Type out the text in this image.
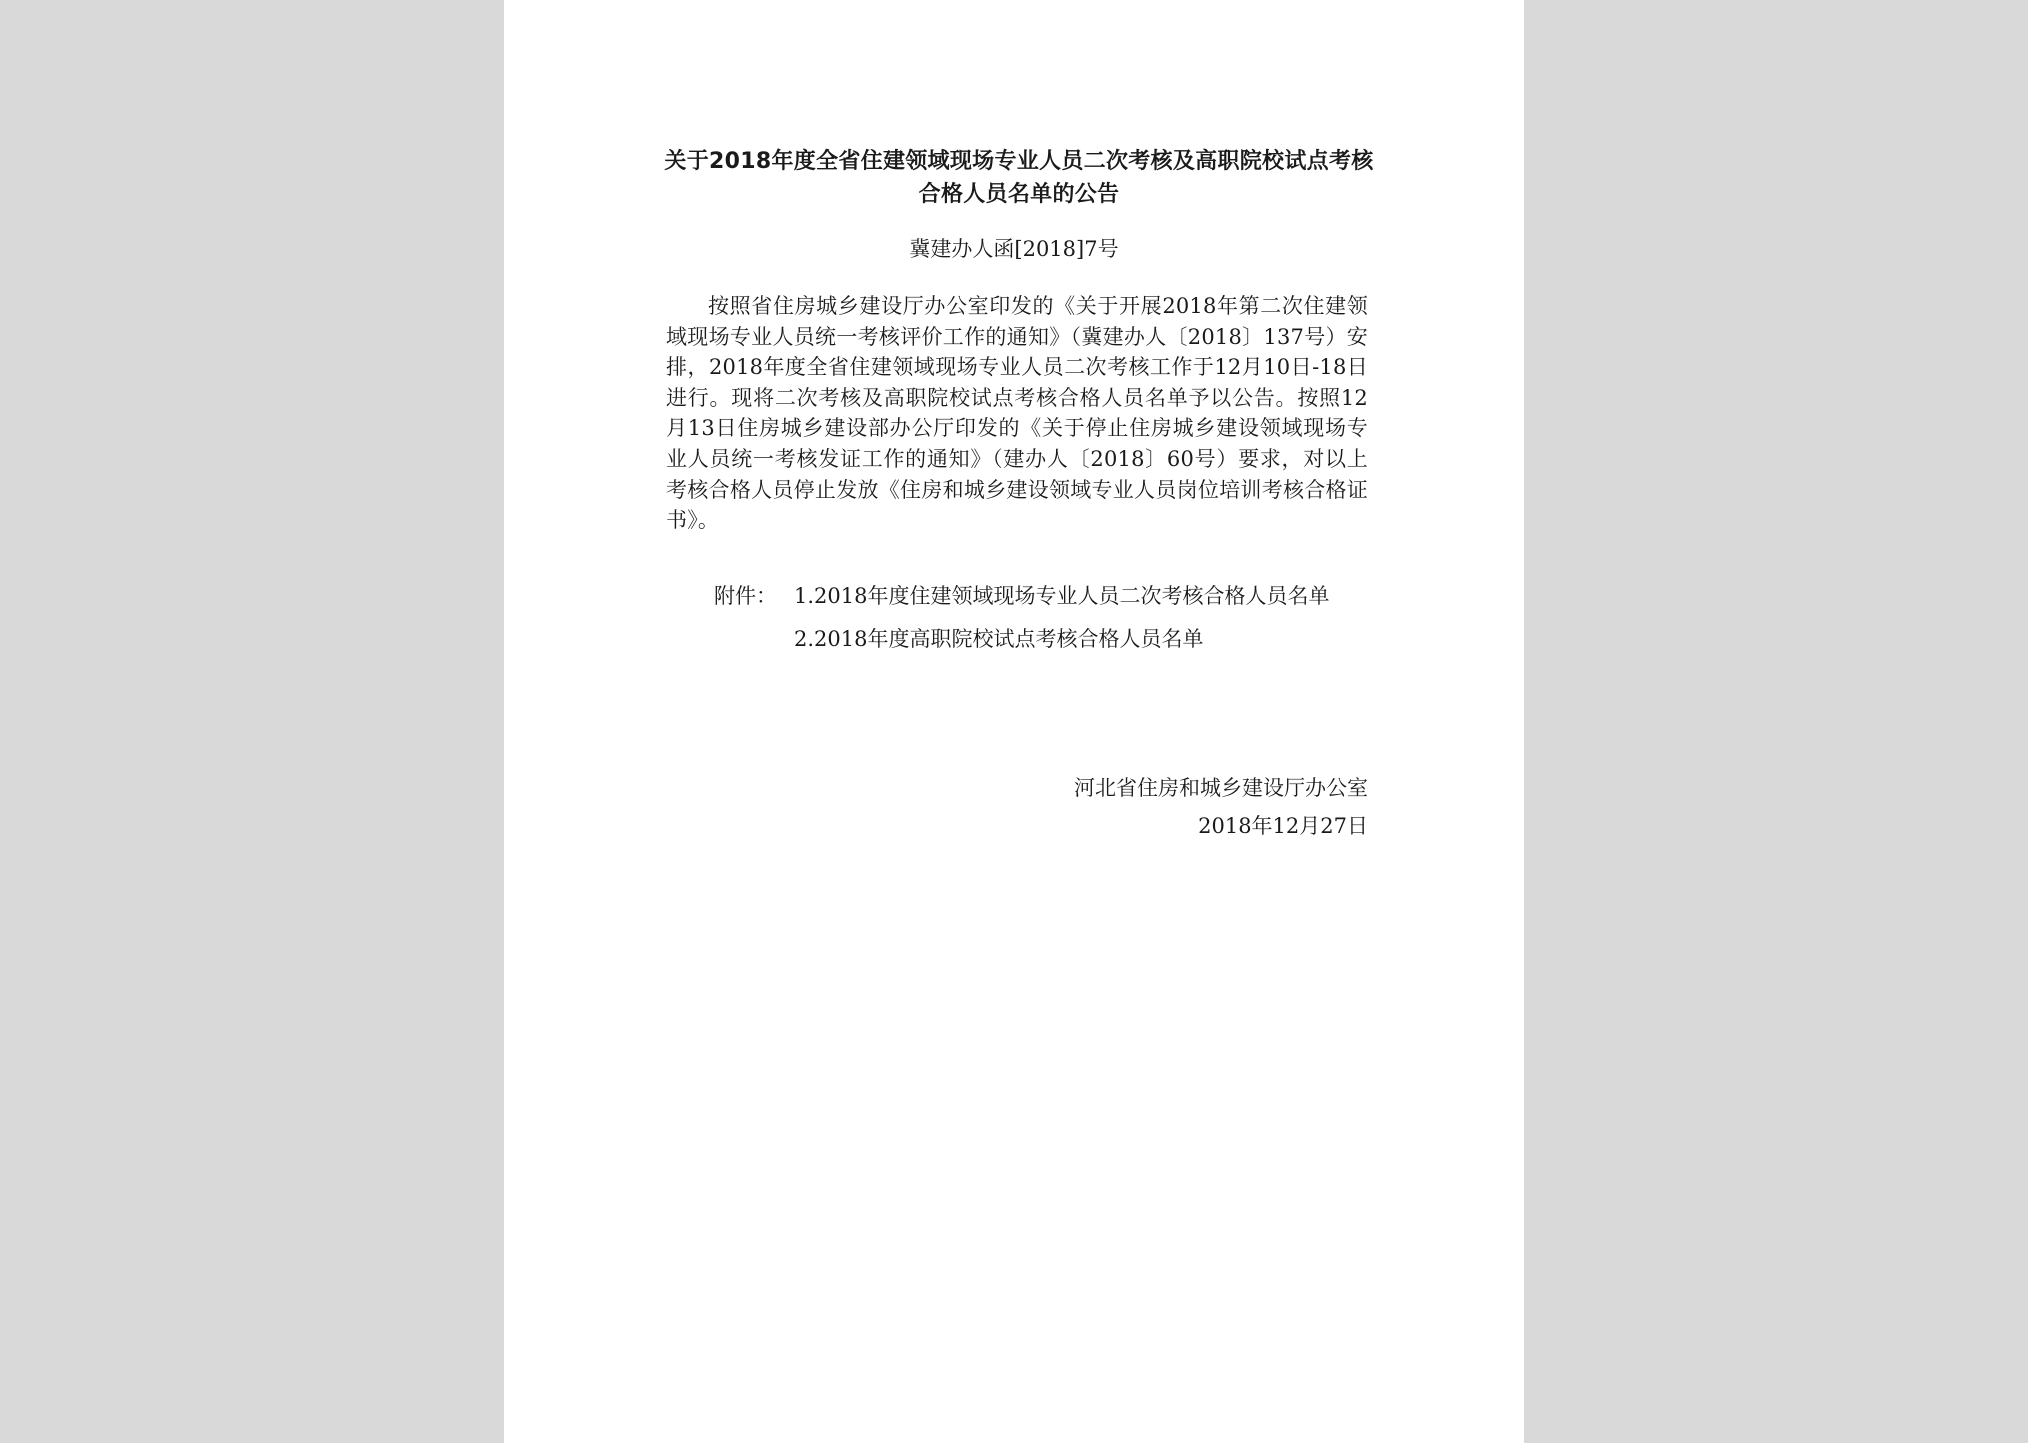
关于2018年度全省住建领域现场专业人员二次考核及高职院校试点考核合格人员名单的公告
冀建办人函[2018]7号
按照省住房城乡建设厅办公室印发的《关于开展2018年第二次住建领域现场专业人员统一考核评价工作的通知》（冀建办人〔2018〕137号）安排，2018年度全省住建领域现场专业人员二次考核工作于12月10日-18日进行。现将二次考核及高职院校试点考核合格人员名单予以公告。按照12月13日住房城乡建设部办公厅印发的《关于停止住房城乡建设领域现场专业人员统一考核发证工作的通知》（建办人〔2018〕60号）要求，对以上考核合格人员停止发放《住房和城乡建设领域专业人员岗位培训考核合格证书》。
附件： 1.2018年度住建领域现场专业人员二次考核合格人员名单
2.2018年度高职院校试点考核合格人员名单
河北省住房和城乡建设厅办公室
2018年12月27日
